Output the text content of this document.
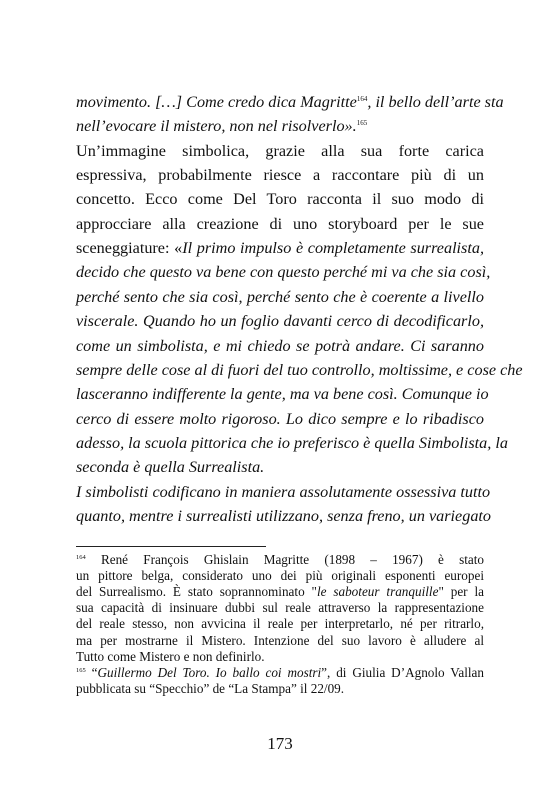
movimento. […] Come credo dica Magritte$^{164}$, il bello dell’arte sta
nell’evocare il mistero, non nel risolverlo».$^{165}$
Un’immagine simbolica, grazie alla sua forte carica
espressiva, probabilmente riesce a raccontare più di un
concetto. Ecco come Del Toro racconta il suo modo di
approcciare alla creazione di uno storyboard per le sue
sceneggiature: «Il primo impulso è completamente surrealista,
decido che questo va bene con questo perché mi va che sia così,
perché sento che sia così, perché sento che è coerente a livello
viscerale. Quando ho un foglio davanti cerco di decodificarlo,
come un simbolista, e mi chiedo se potrà andare. Ci saranno
sempre delle cose al di fuori del tuo controllo, moltissime, e cose che
lasceranno indifferente la gente, ma va bene così. Comunque io
cerco di essere molto rigoroso. Lo dico sempre e lo ribadisco
adesso, la scuola pittorica che io preferisco è quella Simbolista, la
seconda è quella Surrealista.
I simbolisti codificano in maniera assolutamente ossessiva tutto
quanto, mentre i surrealisti utilizzano, senza freno, un variegato
$^{164}$ René François Ghislain Magritte (1898 – 1967) è stato
un pittore belga, considerato uno dei più originali esponenti europei
del Surrealismo. È stato soprannominato "le saboteur tranquille" per la
sua capacità di insinuare dubbi sul reale attraverso la rappresentazione
del reale stesso, non avvicina il reale per interpretarlo, né per ritrarlo,
ma per mostrarne il Mistero. Intenzione del suo lavoro è alludere al
Tutto come Mistero e non definirlo.
$^{165}$ “Guillermo Del Toro. Io ballo coi mostri”, di Giulia D’Agnolo Vallan
pubblicata su “Specchio” de “La Stampa” il 22/09.
173
